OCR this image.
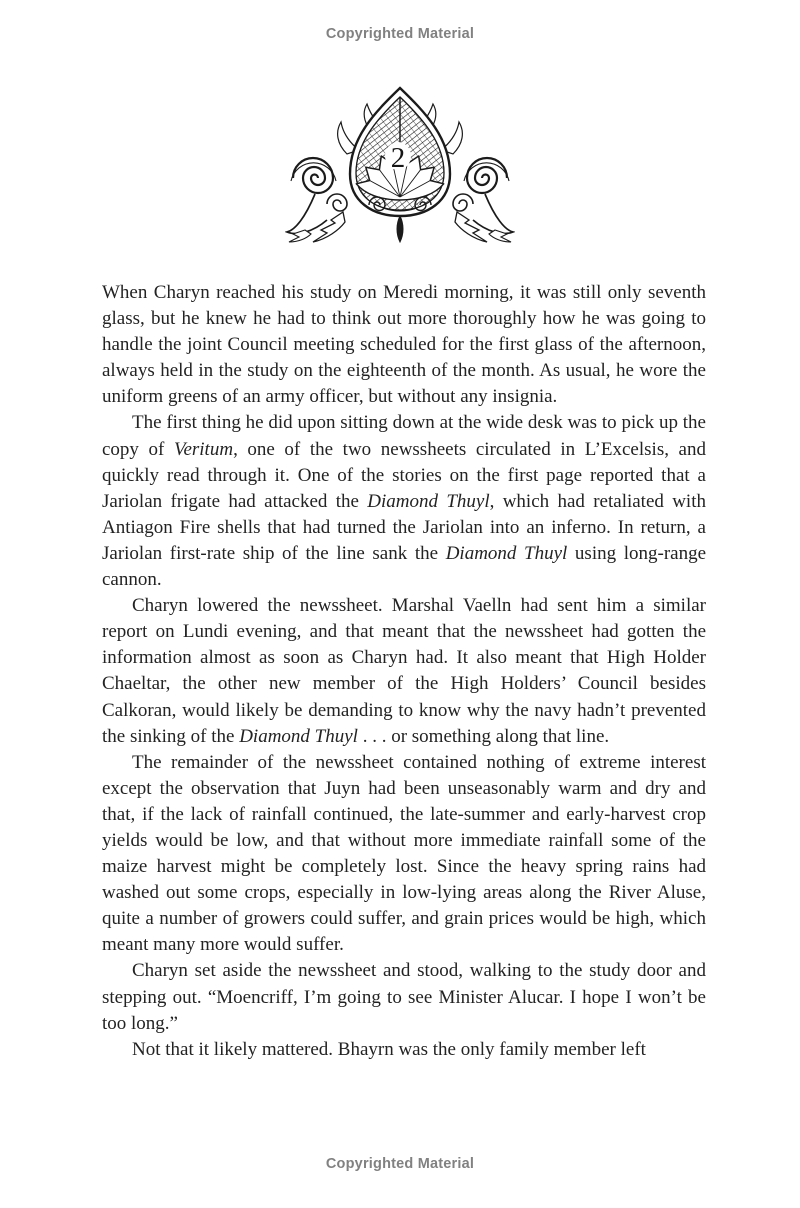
Copyrighted Material
2

When Charyn reached his study on Meredi morning, it was still only seventh glass, but he knew he had to think out more thoroughly how he was going to handle the joint Council meeting scheduled for the first glass of the afternoon, always held in the study on the eighteenth of the month. As usual, he wore the uniform greens of an army officer, but without any insignia.

The first thing he did upon sitting down at the wide desk was to pick up the copy of Veritum, one of the two newssheets circulated in L’Excelsis, and quickly read through it. One of the stories on the first page reported that a Jariolan frigate had attacked the Diamond Thuyl, which had retaliated with Antiagon Fire shells that had turned the Jariolan into an inferno. In return, a Jariolan first-rate ship of the line sank the Diamond Thuyl using long-range cannon.

Charyn lowered the newssheet. Marshal Vaelln had sent him a similar report on Lundi evening, and that meant that the newssheet had gotten the information almost as soon as Charyn had. It also meant that High Holder Chaeltar, the other new member of the High Holders’ Council besides Calkoran, would likely be demanding to know why the navy hadn’t prevented the sinking of the Diamond Thuyl . . . or something along that line.

The remainder of the newssheet contained nothing of extreme interest except the observation that Juyn had been unseasonably warm and dry and that, if the lack of rainfall continued, the late-summer and early-harvest crop yields would be low, and that without more immediate rainfall some of the maize harvest might be completely lost. Since the heavy spring rains had washed out some crops, especially in low-lying areas along the River Aluse, quite a number of growers could suffer, and grain prices would be high, which meant many more would suffer.

Charyn set aside the newssheet and stood, walking to the study door and stepping out. “Moencriff, I’m going to see Minister Alucar. I hope I won’t be too long.”

Not that it likely mattered. Bhayrn was the only family member left

Copyrighted Material
